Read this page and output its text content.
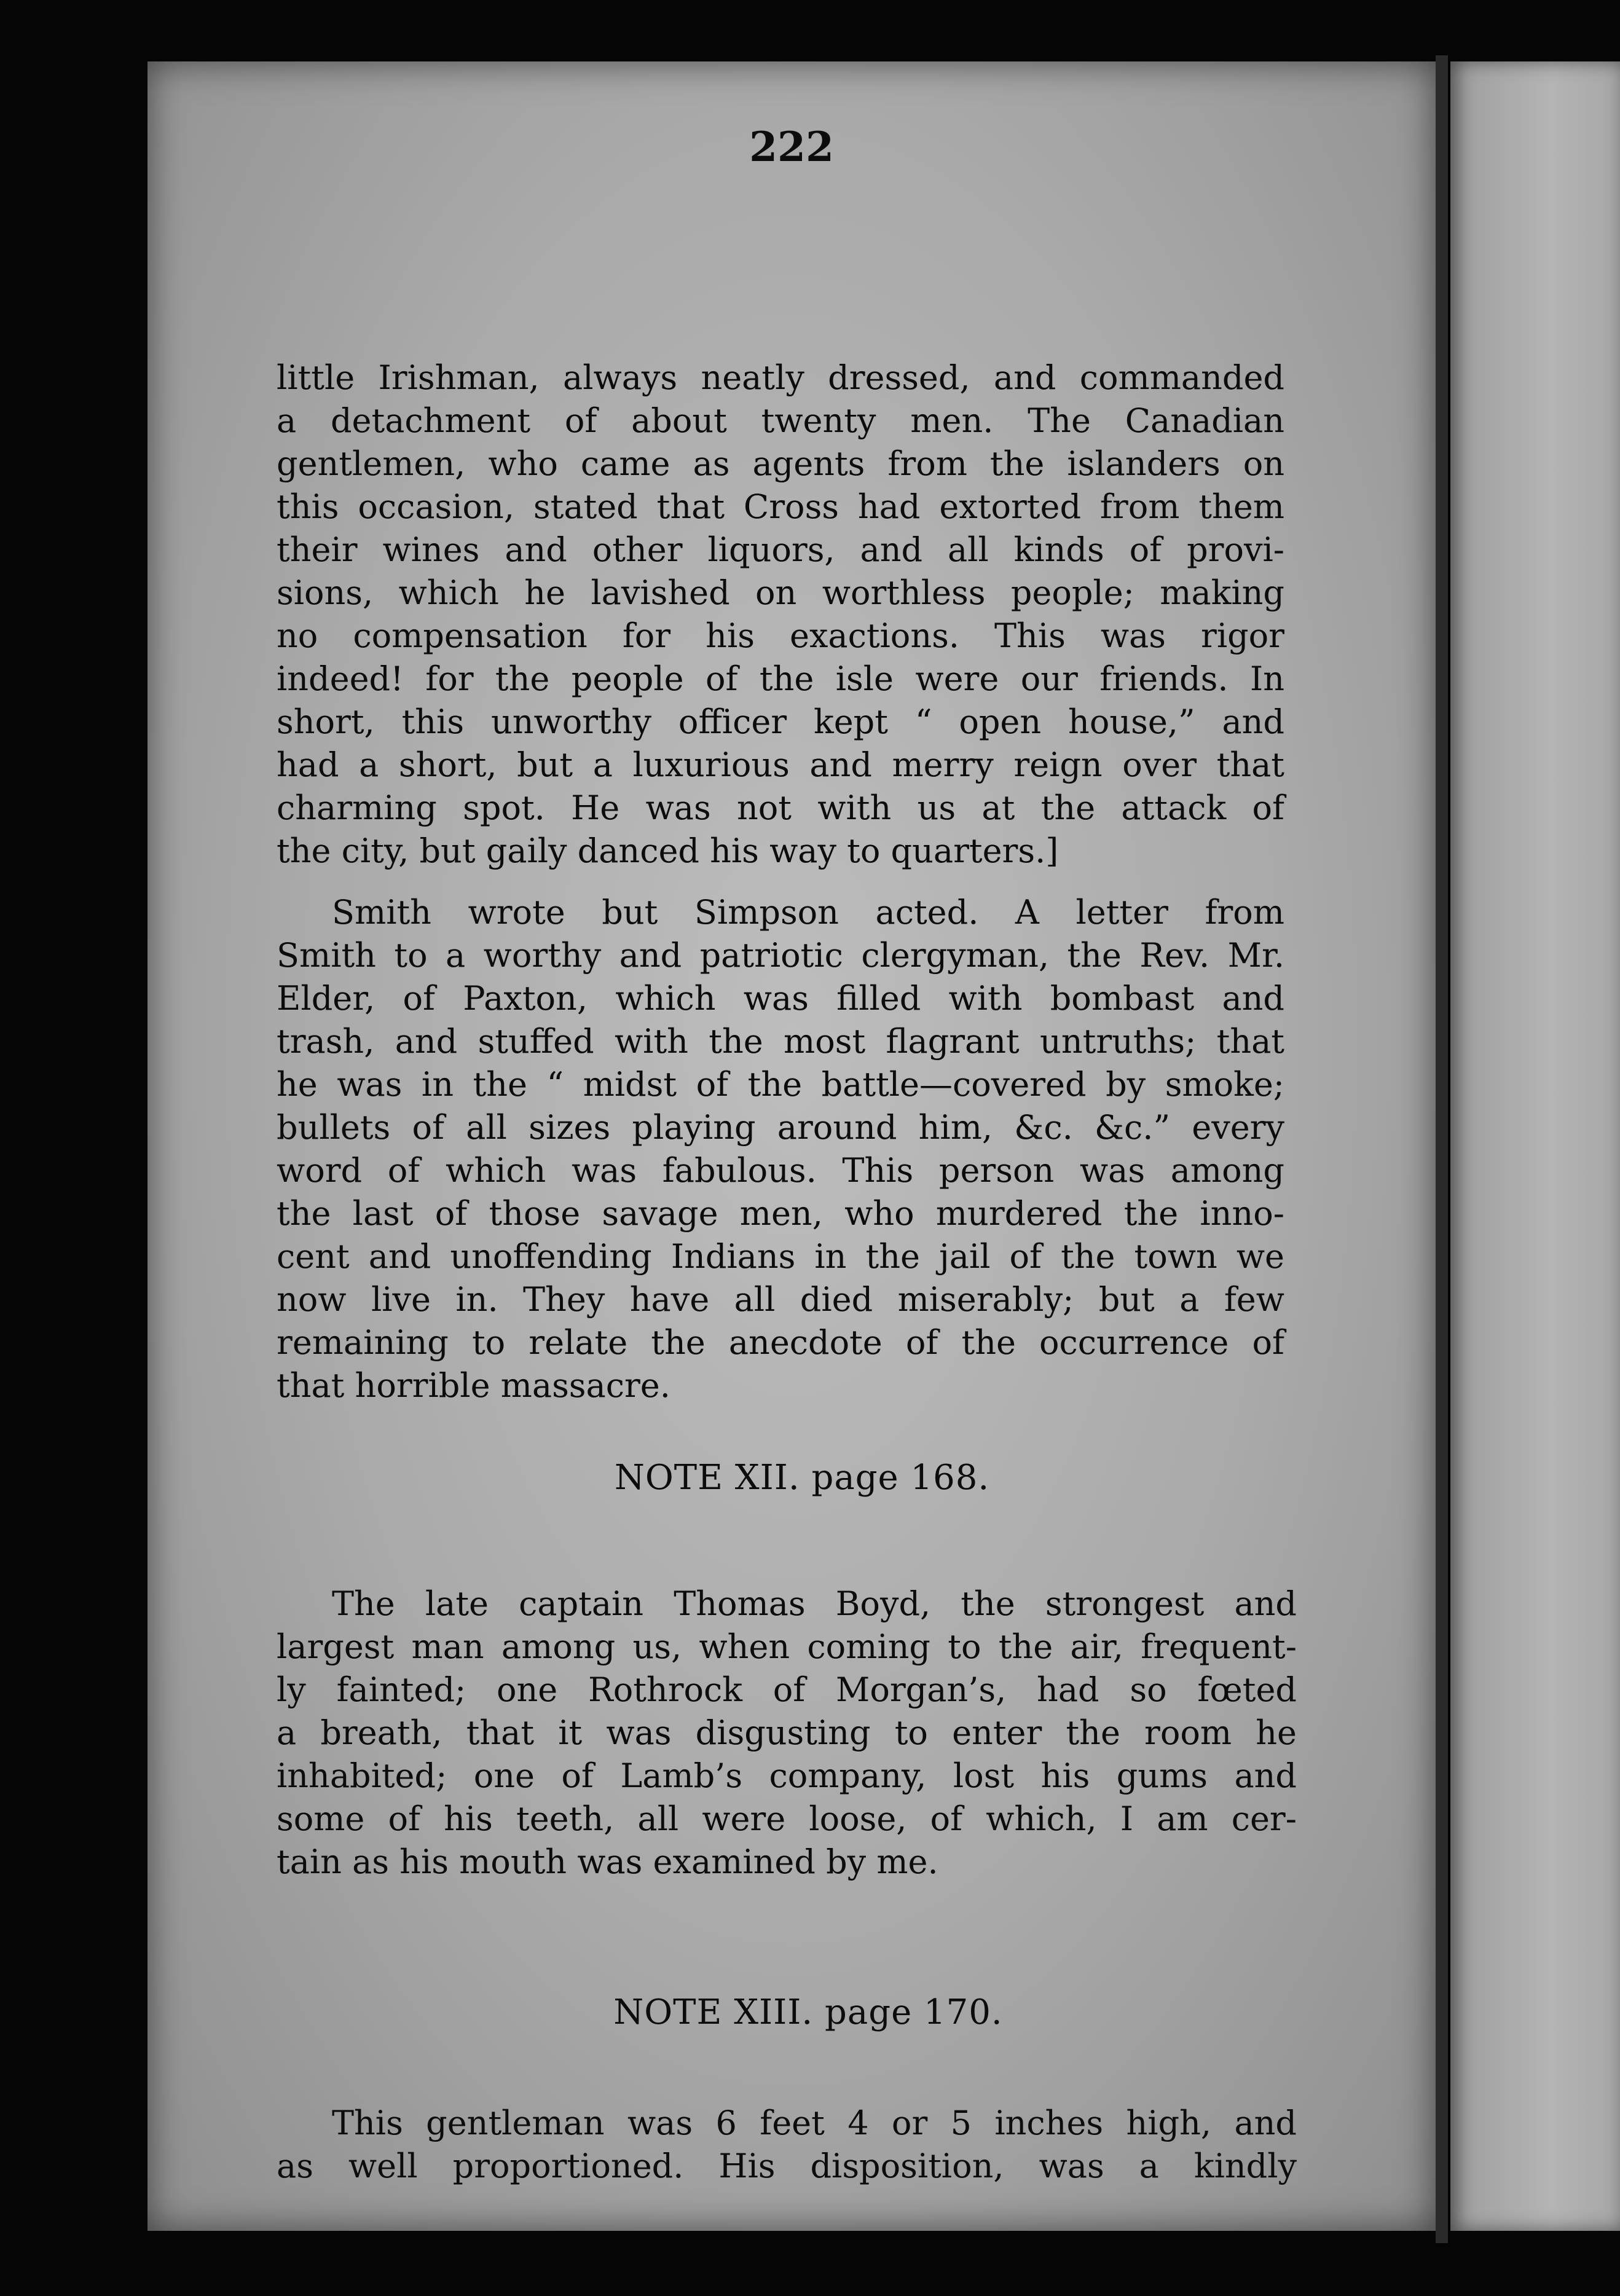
222
little Irishman, always neatly dressed, and commanded
a detachment of about twenty men. The Canadian
gentlemen, who came as agents from the islanders on
this occasion, stated that Cross had extorted from them
their wines and other liquors, and all kinds of provi-
sions, which he lavished on worthless people; making
no compensation for his exactions. This was rigor
indeed! for the people of the isle were our friends. In
short, this unworthy officer kept “ open house,” and
had a short, but a luxurious and merry reign over that
charming spot. He was not with us at the attack of
the city, but gaily danced his way to quarters.]
Smith wrote but Simpson acted. A letter from
Smith to a worthy and patriotic clergyman, the Rev. Mr.
Elder, of Paxton, which was filled with bombast and
trash, and stuffed with the most flagrant untruths; that
he was in the “ midst of the battle—covered by smoke;
bullets of all sizes playing around him, &c. &c.” every
word of which was fabulous. This person was among
the last of those savage men, who murdered the inno-
cent and unoffending Indians in the jail of the town we
now live in. They have all died miserably; but a few
remaining to relate the anecdote of the occurrence of
that horrible massacre.
NOTE XII. page 168.
The late captain Thomas Boyd, the strongest and
largest man among us, when coming to the air, frequent-
ly fainted; one Rothrock of Morgan’s, had so fœted
a breath, that it was disgusting to enter the room he
inhabited; one of Lamb’s company, lost his gums and
some of his teeth, all were loose, of which, I am cer-
tain as his mouth was examined by me.
NOTE XIII. page 170.
This gentleman was 6 feet 4 or 5 inches high, and
as well proportioned. His disposition, was a kindly
